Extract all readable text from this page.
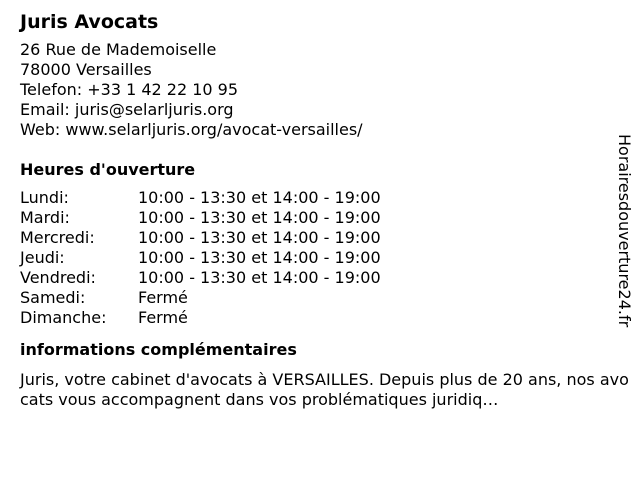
Juris Avocats
26 Rue de Mademoiselle
78000 Versailles
Telefon: +33 1 42 22 10 95
Email: juris@selarljuris.org
Web: www.selarljuris.org/avocat-versailles/
Heures d'ouverture
Lundi:	10:00 - 13:30 et 14:00 - 19:00
Mardi:	10:00 - 13:30 et 14:00 - 19:00
Mercredi:	10:00 - 13:30 et 14:00 - 19:00
Jeudi:	10:00 - 13:30 et 14:00 - 19:00
Vendredi:	10:00 - 13:30 et 14:00 - 19:00
Samedi:	Fermé
Dimanche:	Fermé
informations complémentaires
Juris, votre cabinet d'avocats à VERSAILLES. Depuis plus de 20 ans, nos avocats vous accompagnent dans vos problématiques juridiq…
Horairesdouverture24.fr
